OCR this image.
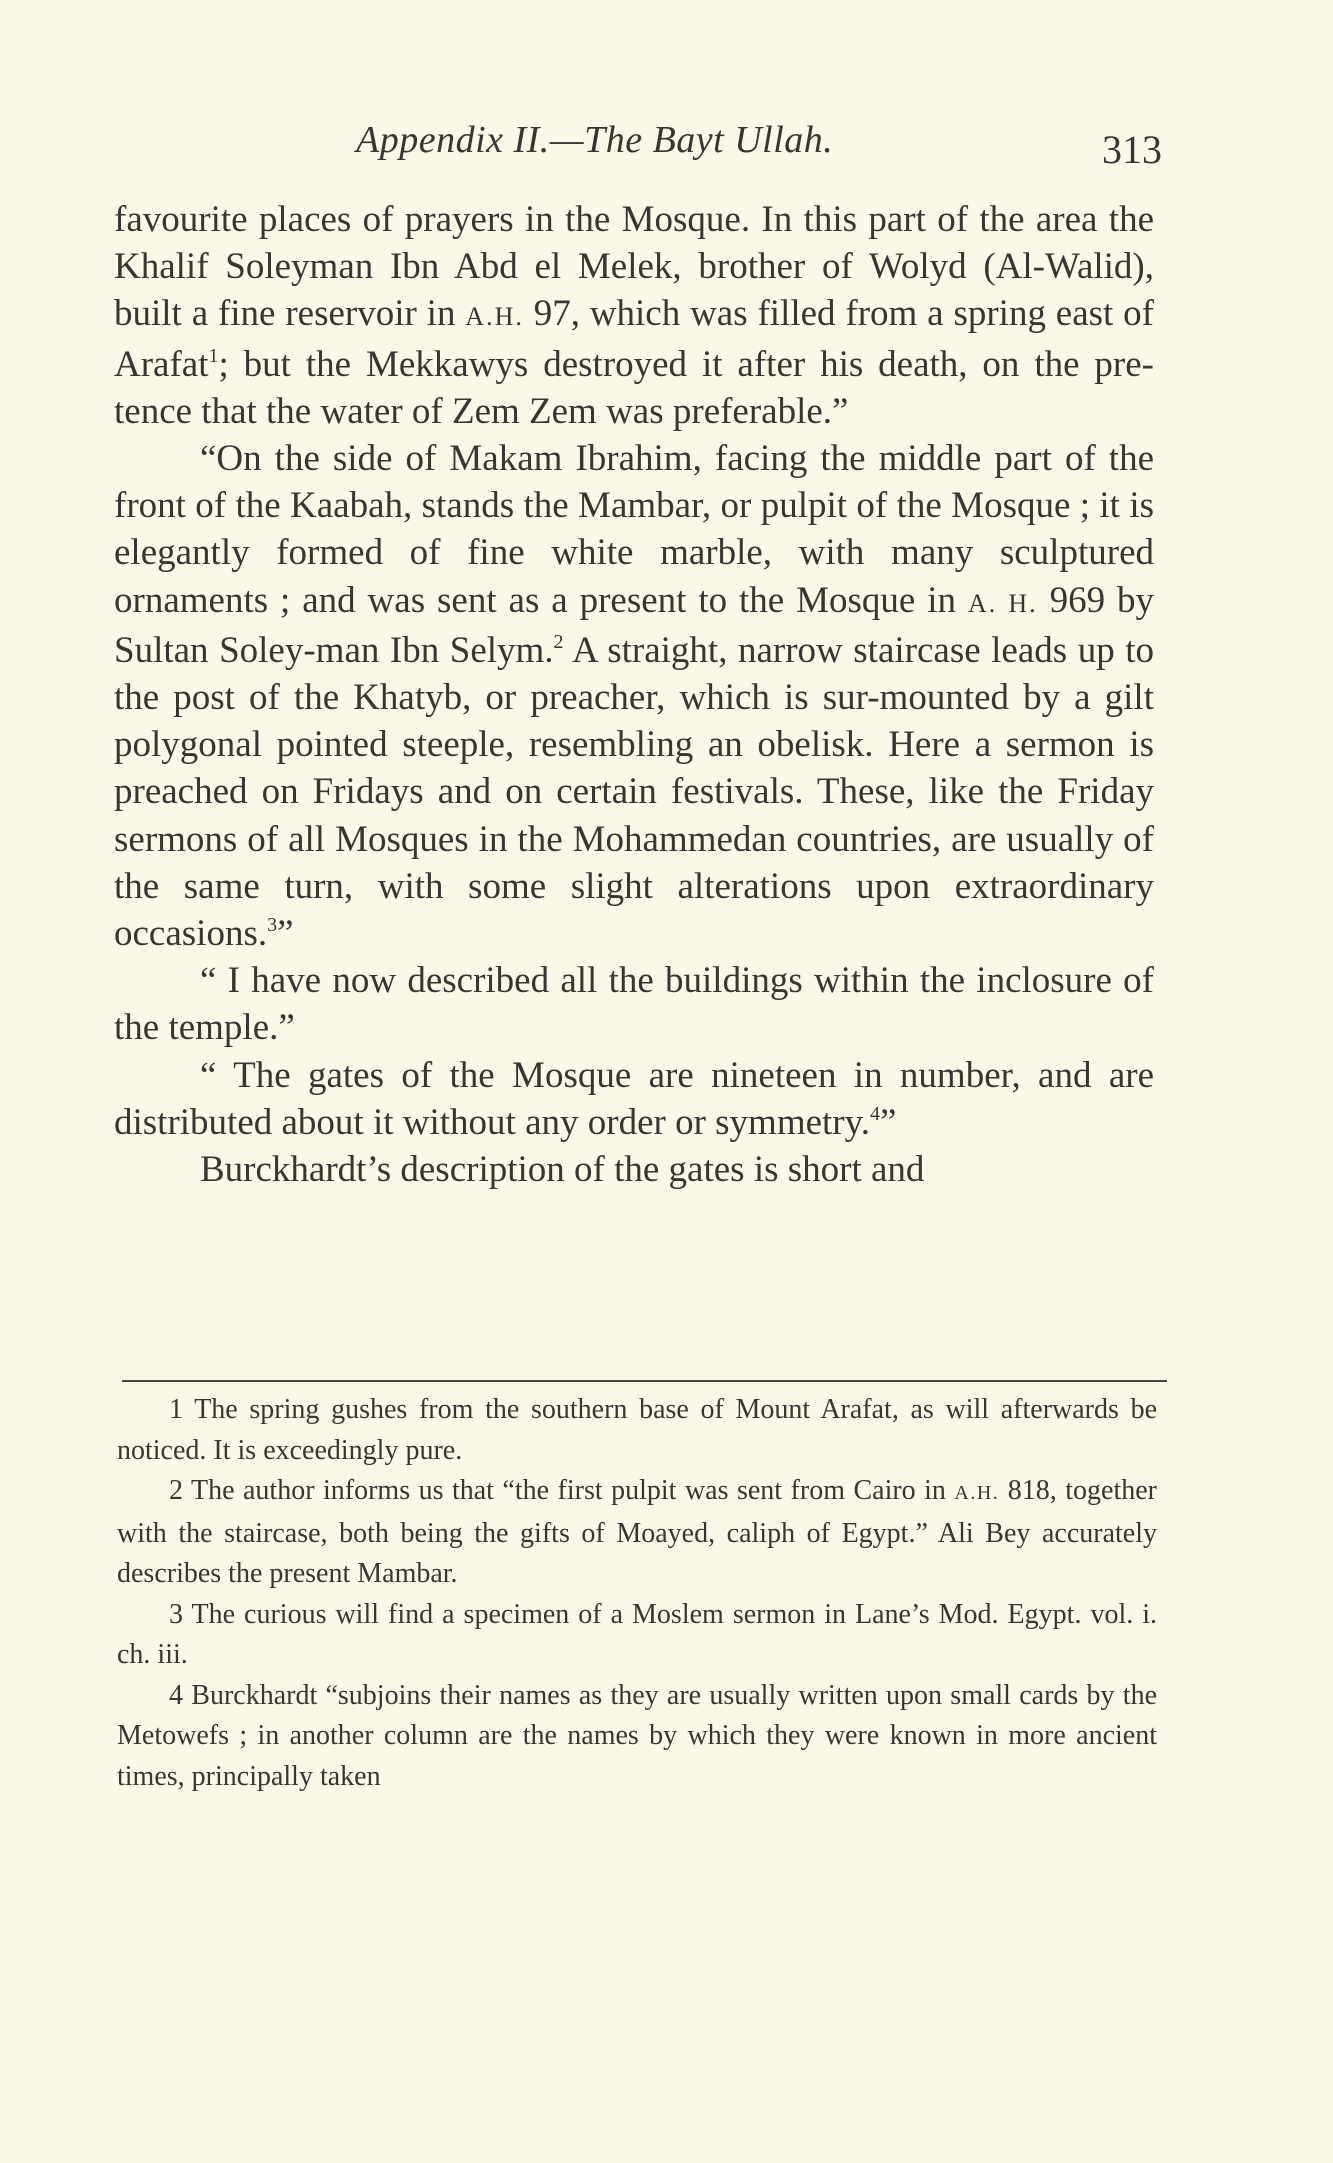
Appendix II.—The Bayt Ullah.	313

favourite places of prayers in the Mosque. In this part of the area the Khalif Soleyman Ibn Abd el Melek, brother of Wolyd (Al-Walid), built a fine reservoir in A.H. 97, which was filled from a spring east of Arafat$^1$; but the Mekkawys destroyed it after his death, on the pre-tence that the water of Zem Zem was preferable.”

“On the side of Makam Ibrahim, facing the middle part of the front of the Kaabah, stands the Mambar, or pulpit of the Mosque ; it is elegantly formed of fine white marble, with many sculptured ornaments ; and was sent as a present to the Mosque in A. H. 969 by Sultan Soley-man Ibn Selym.$^2$ A straight, narrow staircase leads up to the post of the Khatyb, or preacher, which is sur-mounted by a gilt polygonal pointed steeple, resembling an obelisk. Here a sermon is preached on Fridays and on certain festivals. These, like the Friday sermons of all Mosques in the Mohammedan countries, are usually of the same turn, with some slight alterations upon extraordinary occasions.$^3$”

“ I have now described all the buildings within the inclosure of the temple.”

“ The gates of the Mosque are nineteen in number, and are distributed about it without any order or symmetry.$^4$”

Burckhardt’s description of the gates is short and

1 The spring gushes from the southern base of Mount Arafat, as will afterwards be noticed. It is exceedingly pure.

2 The author informs us that “the first pulpit was sent from Cairo in A.H. 818, together with the staircase, both being the gifts of Moayed, caliph of Egypt.” Ali Bey accurately describes the present Mambar.

3 The curious will find a specimen of a Moslem sermon in Lane’s Mod. Egypt. vol. i. ch. iii.

4 Burckhardt “subjoins their names as they are usually written upon small cards by the Metowefs ; in another column are the names by which they were known in more ancient times, principally taken
